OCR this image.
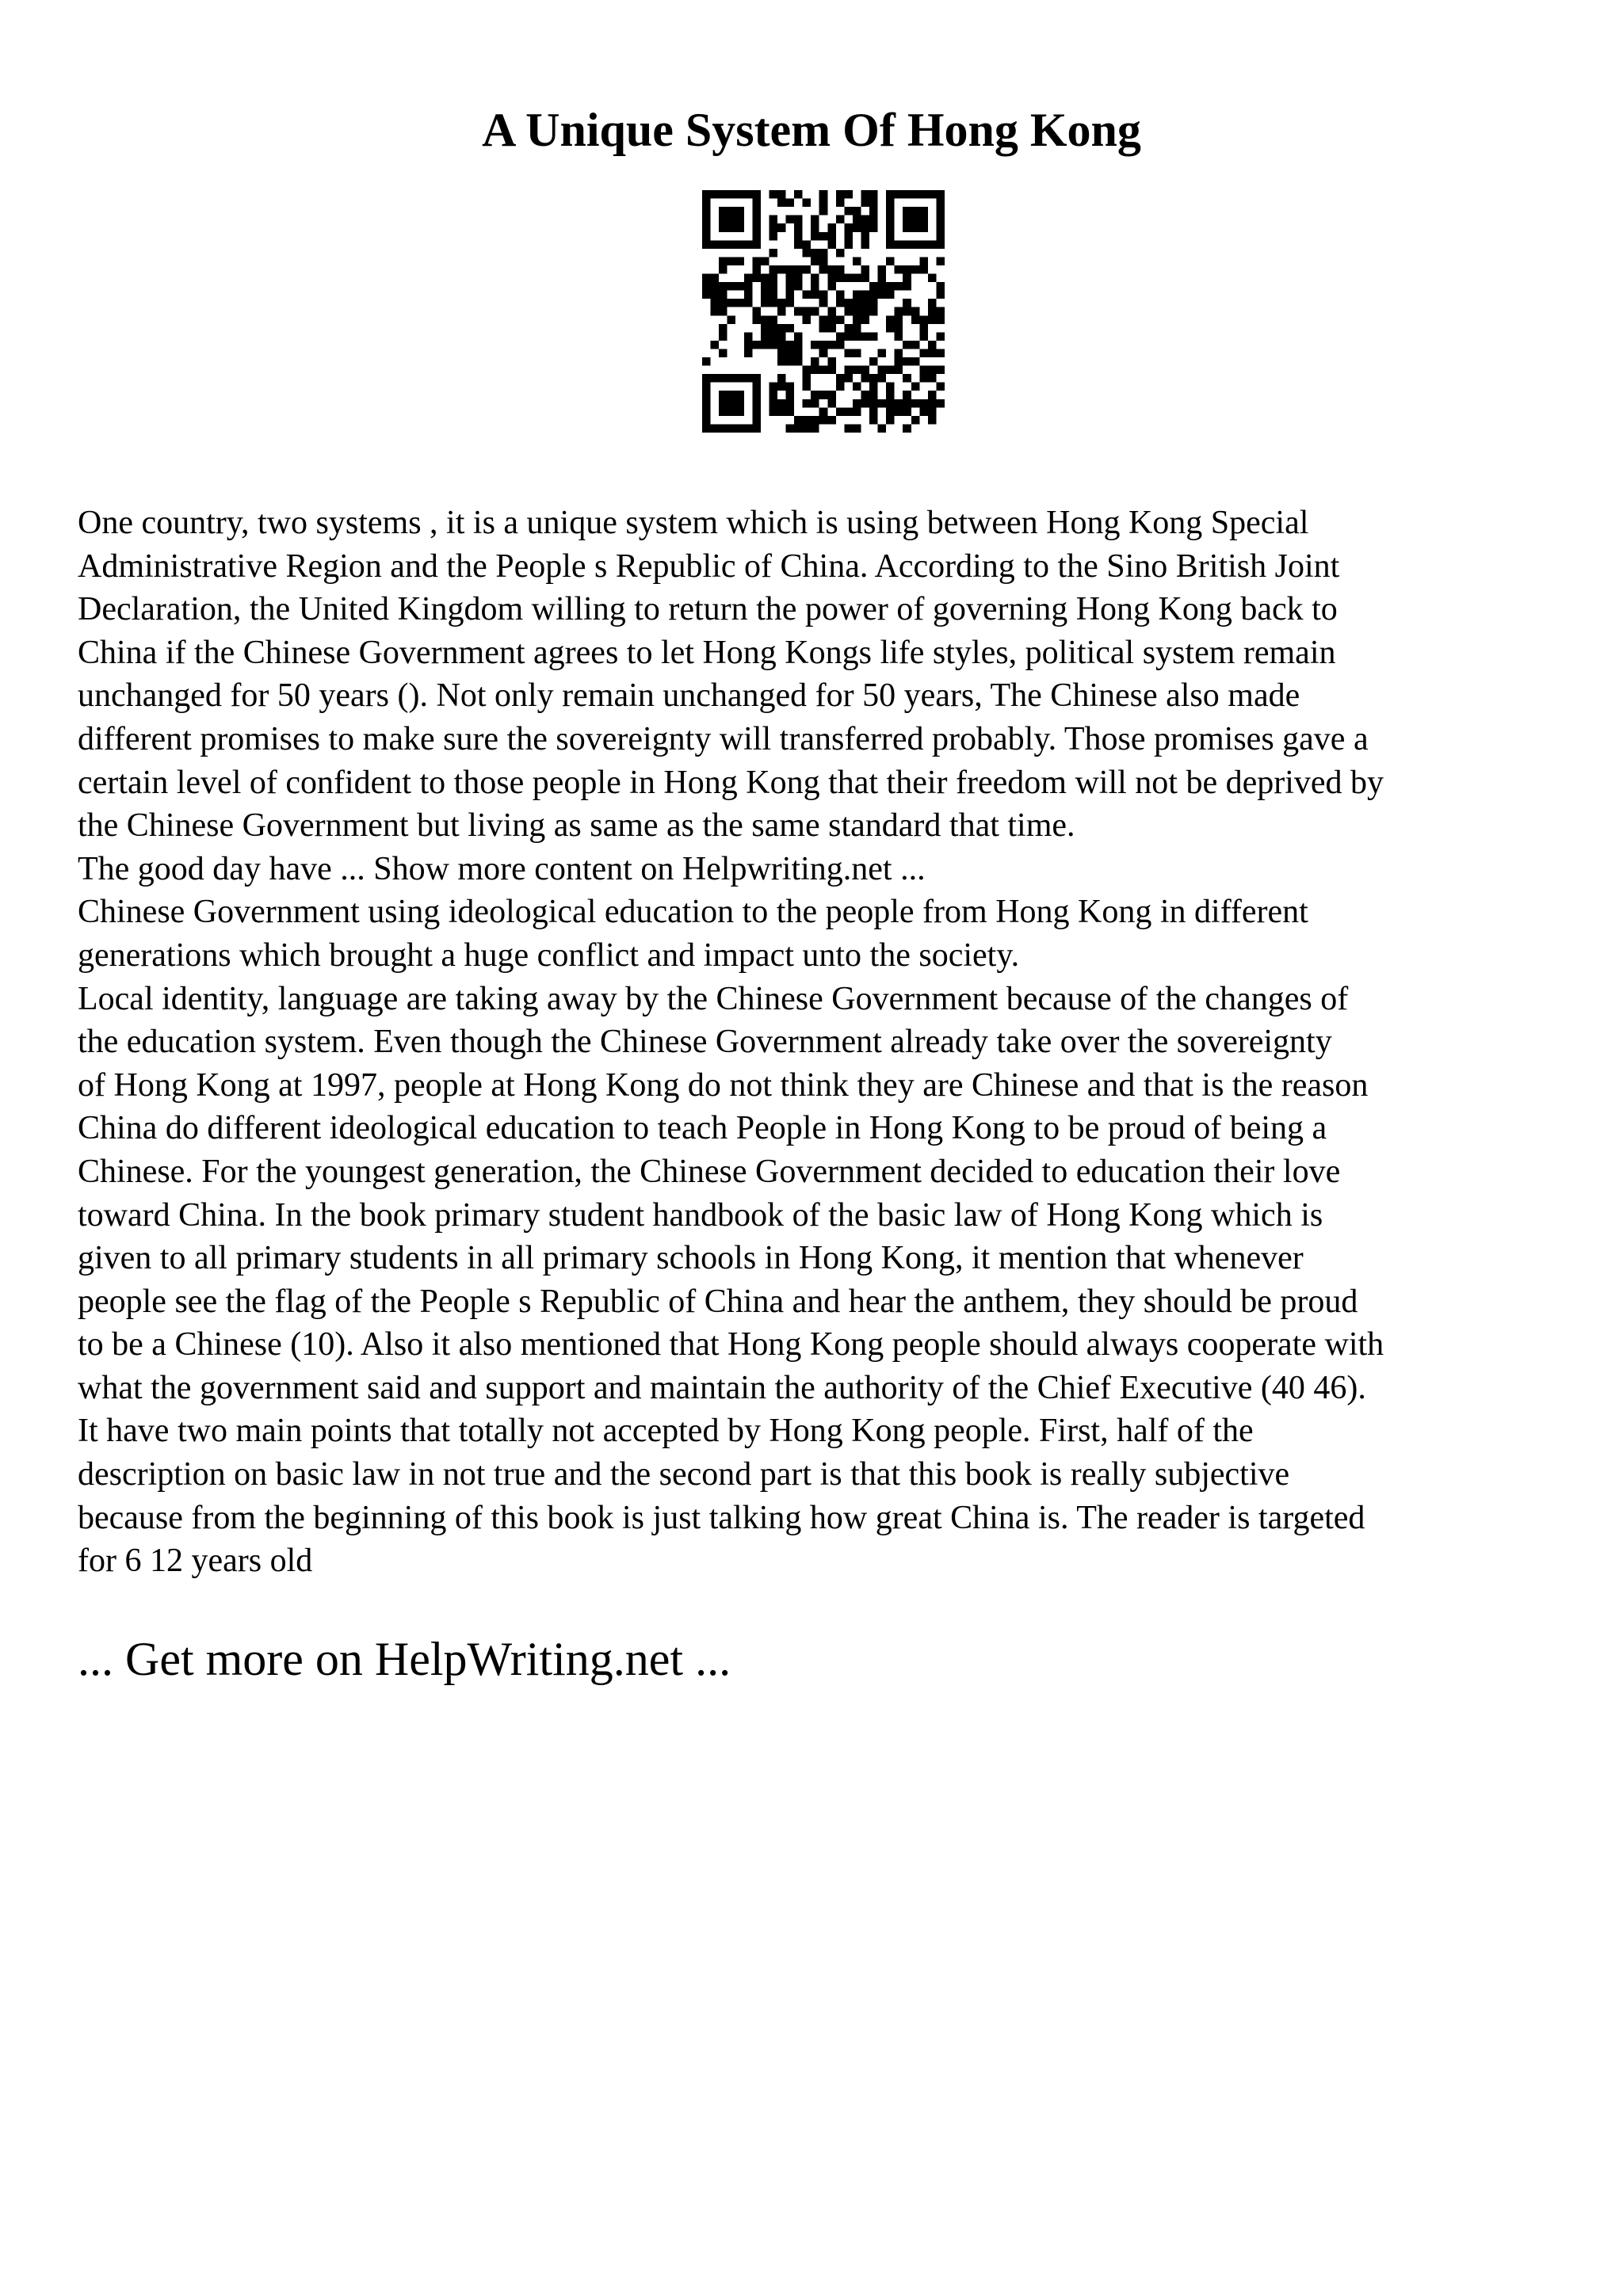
A Unique System Of Hong Kong

One country, two systems , it is a unique system which is using between Hong Kong Special
Administrative Region and the People s Republic of China. According to the Sino British Joint
Declaration, the United Kingdom willing to return the power of governing Hong Kong back to
China if the Chinese Government agrees to let Hong Kongs life styles, political system remain
unchanged for 50 years (). Not only remain unchanged for 50 years, The Chinese also made
different promises to make sure the sovereignty will transferred probably. Those promises gave a
certain level of confident to those people in Hong Kong that their freedom will not be deprived by
the Chinese Government but living as same as the same standard that time.
The good day have ... Show more content on Helpwriting.net ...
Chinese Government using ideological education to the people from Hong Kong in different
generations which brought a huge conflict and impact unto the society.
Local identity, language are taking away by the Chinese Government because of the changes of
the education system. Even though the Chinese Government already take over the sovereignty
of Hong Kong at 1997, people at Hong Kong do not think they are Chinese and that is the reason
China do different ideological education to teach People in Hong Kong to be proud of being a
Chinese. For the youngest generation, the Chinese Government decided to education their love
toward China. In the book primary student handbook of the basic law of Hong Kong which is
given to all primary students in all primary schools in Hong Kong, it mention that whenever
people see the flag of the People s Republic of China and hear the anthem, they should be proud
to be a Chinese (10). Also it also mentioned that Hong Kong people should always cooperate with
what the government said and support and maintain the authority of the Chief Executive (40 46).
It have two main points that totally not accepted by Hong Kong people. First, half of the
description on basic law in not true and the second part is that this book is really subjective
because from the beginning of this book is just talking how great China is. The reader is targeted
for 6 12 years old

... Get more on HelpWriting.net ...
